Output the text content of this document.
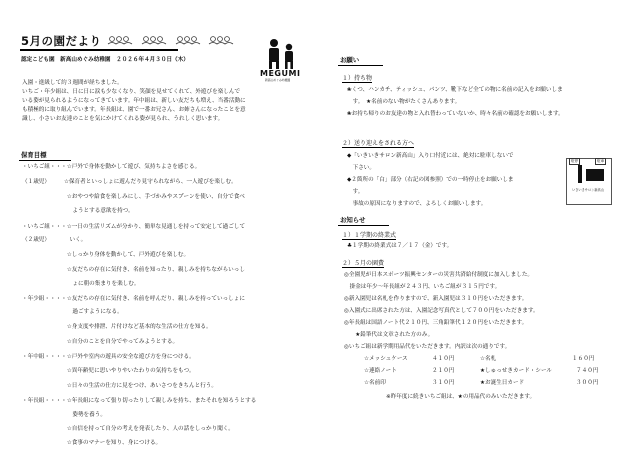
5月の園だより
認定こども園　新高山めぐみ幼稚園　２０２６年４月３０日（木）
MEGUMI
新高山めぐみ幼稚園
入園・進級して約３週間が経ちました。
いちご・年少組は、日に日に涙も少なくなり、笑顔を見せてくれて、外遊びを楽しんで
いる姿が見られるようになってきています。年中組は、新しい友だちも増え、当番活動に
も積極的に取り組んでいます。年長組は、園で一番お兄さん、お姉さんになったことを意
識し、小さいお友達のことを気にかけてくれる姿が見られ、うれしく思います。
保育目標
・いちご組・・・☆戸外で身体を動かして遊び、気持ちよさを感じる。
（１歳児）　　　☆保育者といっしょに遊んだり見守られながら、一人遊びを楽しむ。
　　　　　　　　☆おやつや給食を楽しみにし、手づかみやスプーンを使い、自分で食べ
　　　　　　　　　ようとする意欲を持つ。
・いちご組・・・☆一日の生活リズムが分かり、簡単な見通しを持って安定して過ごして
（２歳児）　　　　いく。
　　　　　　　　☆しっかり身体を動かして、戸外遊びを楽しむ。
　　　　　　　　☆友だちの存在に気付き、名前を知ったり、親しみを持ちながらいっし
　　　　　　　　　ょに朝の集まりを楽しむ。
・年少組・・・・☆友だちの存在に気付き、名前を呼んだり、親しみを持っていっしょに
　　　　　　　　　過ごすようになる。
　　　　　　　　☆身支度や排泄、片付けなど基本的な生活の仕方を知る。
　　　　　　　　☆自分のことを自分でやってみようとする。
・年中組・・・・☆戸外や室内の遊具の安全な遊び方を身につける。
　　　　　　　　☆異年齢児に思いやりやいたわりの気持ちをもつ。
　　　　　　　　☆日々の生活の仕方に見をつけ、あいさつをきちんと行う。
・年長組・・・・☆年長組になって張り切ったりして親しみを持ち、またそれを知ろうとする
　　　　　　　　　姿勢を養う。
　　　　　　　　☆自信を持って自分の考えを発表したり、人の話をしっかり聞く。
　　　　　　　　☆食事のマナーを知り、身につける。
お願い
１）持ち物
❀くつ、ハンカチ、ティッシュ、パンツ、靴下など全ての物に名前の記入をお願いしま
　す。　★名前のない物がたくさんあります。
❀お持ち帰りのお友達の物と入れ替わっていないか、時々名前の確認をお願いします。
２）送り迎えをされる方へ
◆「いきいきサロン新高山」入り口付近には、絶対に駐車しないで
　下さい。
◆２箇所の「白」部分（右記の図参照）での一時停止をお願いしま
　す。
　事故の原因になりますので、よろしくお願いします。
駐停	駐車
いきいきサロン新高山
お知らせ
１）１学期の終業式
♣１学期の終業式は７／１７（金）です。
２）５月の園費
◎全園児が日本スポーツ振興センターの災害共済給付制度に加入しました。
　掛金は年少～年長組が２４３円、いちご組が３１５円です。
◎新入園児は名札を作りますので、新入園児は３１０円をいただきます。
◎入園式に出席された方は、入園記念写真代として７００円をいただきます。
◎年長組は国語ノート代２１０円、三角鉛筆代１２０円をいただきます。
　　★鉛筆代は文章された方のみ。
◎いちご組は新学期用品代をいただきます。内訳は次の通りです。
☆メッシュケース	４１０円	☆名札	１６０円
☆連絡ノート	２１０円	★しゅっせきカード・シール	７４０円
☆名前印	３１０円	★お誕生日カード	３００円
※昨年度に続きいちご組は、★の用品代のみいただきます。
